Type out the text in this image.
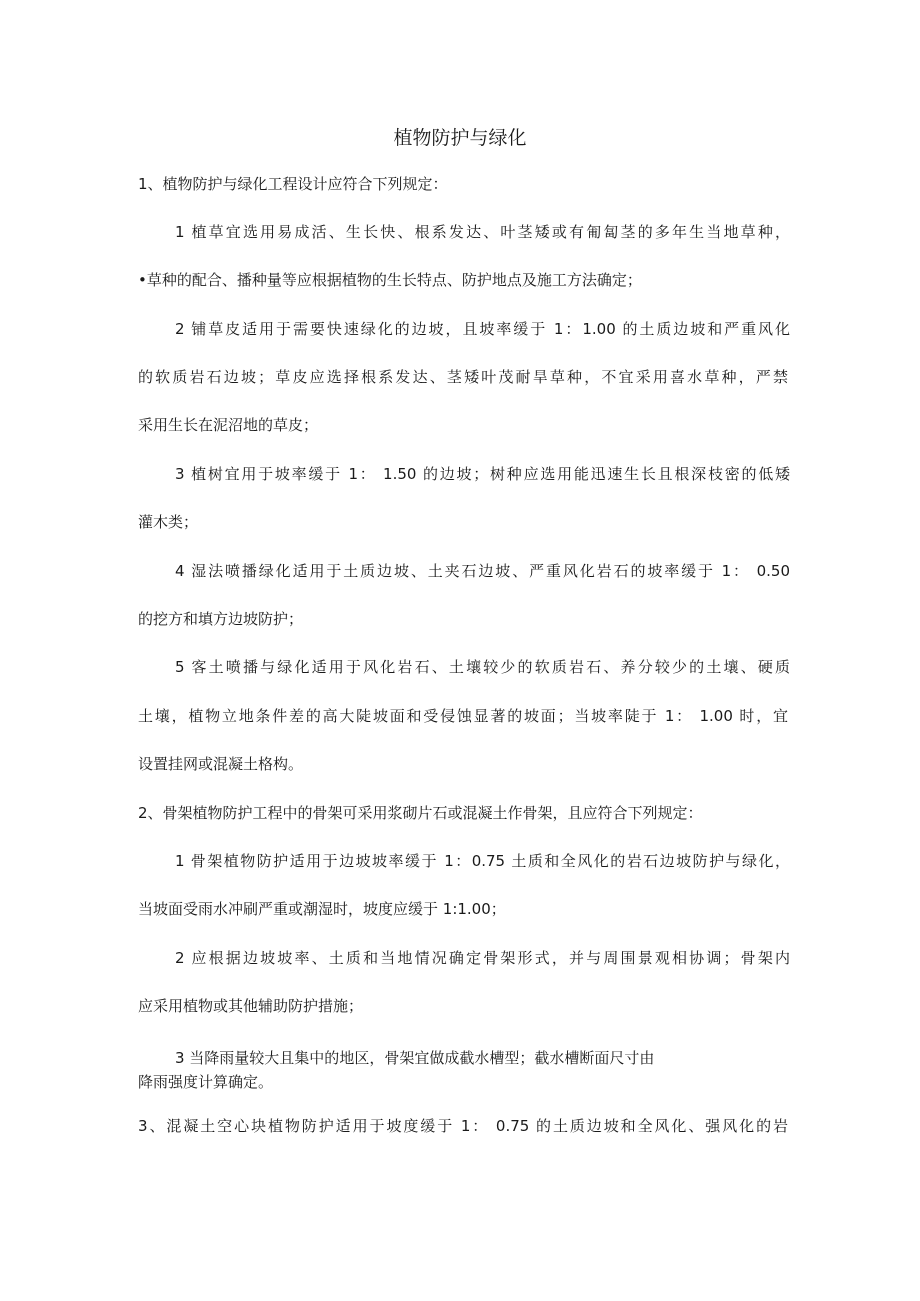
植物防护与绿化
1、植物防护与绿化工程设计应符合下列规定：
1 植草宜选用易成活、生长快、根系发达、叶茎矮或有匍匐茎的多年生当地草种，
•草种的配合、播种量等应根据植物的生长特点、防护地点及施工方法确定；
2 铺草皮适用于需要快速绿化的边坡，且坡率缓于 1：1.00 的土质边坡和严重风化
的软质岩石边坡；草皮应选择根系发达、茎矮叶茂耐旱草种，不宜采用喜水草种，严禁
采用生长在泥沼地的草皮；
3 植树宜用于坡率缓于 1： 1.50 的边坡；树种应选用能迅速生长且根深枝密的低矮
灌木类；
4 湿法喷播绿化适用于土质边坡、土夹石边坡、严重风化岩石的坡率缓于 1： 0.50
的挖方和填方边坡防护；
5 客土喷播与绿化适用于风化岩石、土壤较少的软质岩石、养分较少的土壤、硬质
土壤，植物立地条件差的高大陡坡面和受侵蚀显著的坡面；当坡率陡于 1： 1.00 时，宜
设置挂网或混凝土格构。
2、骨架植物防护工程中的骨架可采用浆砌片石或混凝土作骨架，且应符合下列规定：
1 骨架植物防护适用于边坡坡率缓于 1：0.75 土质和全风化的岩石边坡防护与绿化，
当坡面受雨水冲刷严重或潮湿时，坡度应缓于 1:1.00；
2 应根据边坡坡率、土质和当地情况确定骨架形式，并与周围景观相协调；骨架内
应采用植物或其他辅助防护措施；
3 当降雨量较大且集中的地区，骨架宜做成截水槽型；截水槽断面尺寸由
降雨强度计算确定。
3、混凝土空心块植物防护适用于坡度缓于 1： 0.75 的土质边坡和全风化、强风化的岩
